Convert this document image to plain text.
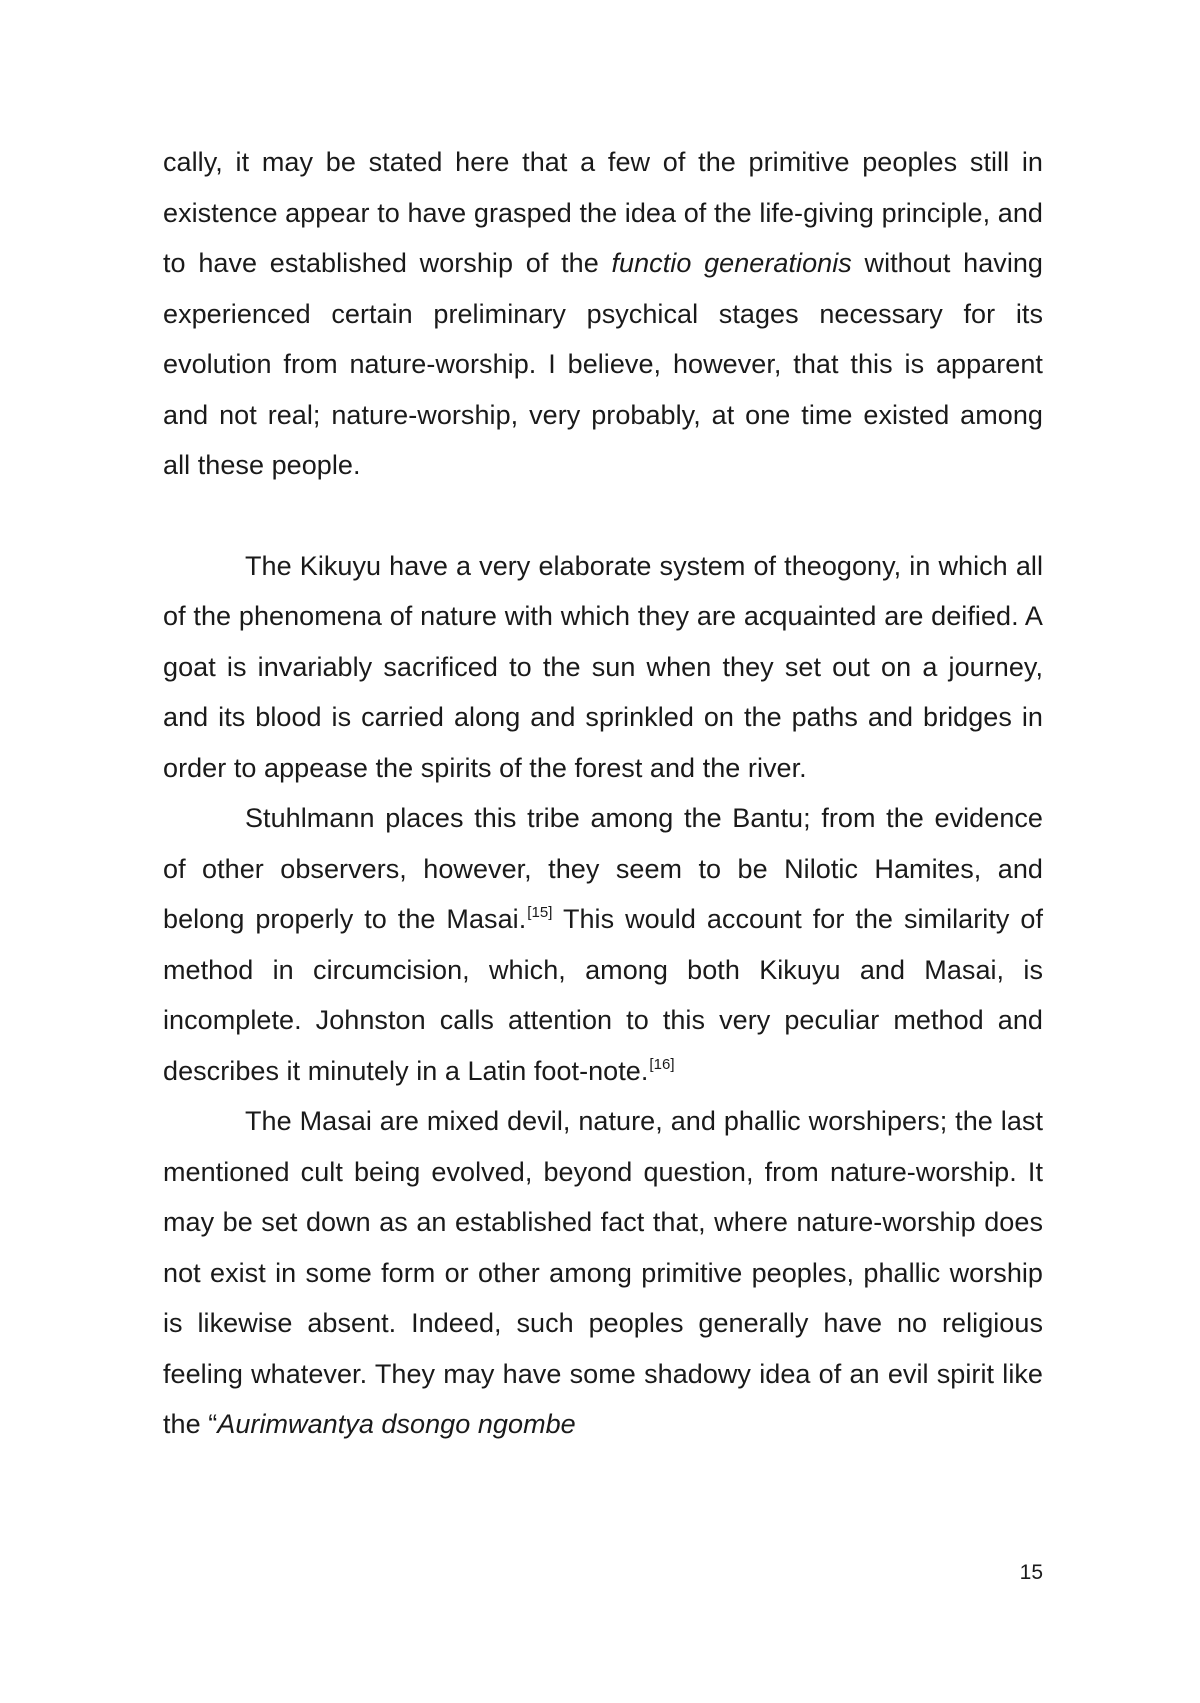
cally, it may be stated here that a few of the primitive peoples still in existence appear to have grasped the idea of the life-giving principle, and to have established worship of the functio generationis without having experienced certain preliminary psychical stages necessary for its evolution from nature-worship. I believe, however, that this is apparent and not real; nature-worship, very probably, at one time existed among all these people.

The Kikuyu have a very elaborate system of theogony, in which all of the phenomena of nature with which they are acquainted are deified. A goat is invariably sacrificed to the sun when they set out on a journey, and its blood is carried along and sprinkled on the paths and bridges in order to appease the spirits of the forest and the river.

Stuhlmann places this tribe among the Bantu; from the evidence of other observers, however, they seem to be Nilotic Hamites, and belong properly to the Masai.[15] This would account for the similarity of method in circumcision, which, among both Kikuyu and Masai, is incomplete. Johnston calls attention to this very peculiar method and describes it minutely in a Latin foot-note.[16]

The Masai are mixed devil, nature, and phallic worshipers; the last mentioned cult being evolved, beyond question, from nature-worship. It may be set down as an established fact that, where nature-worship does not exist in some form or other among primitive peoples, phallic worship is likewise absent. Indeed, such peoples generally have no religious feeling whatever. They may have some shadowy idea of an evil spirit like the “Aurimwantya dsongo ngombe

15
